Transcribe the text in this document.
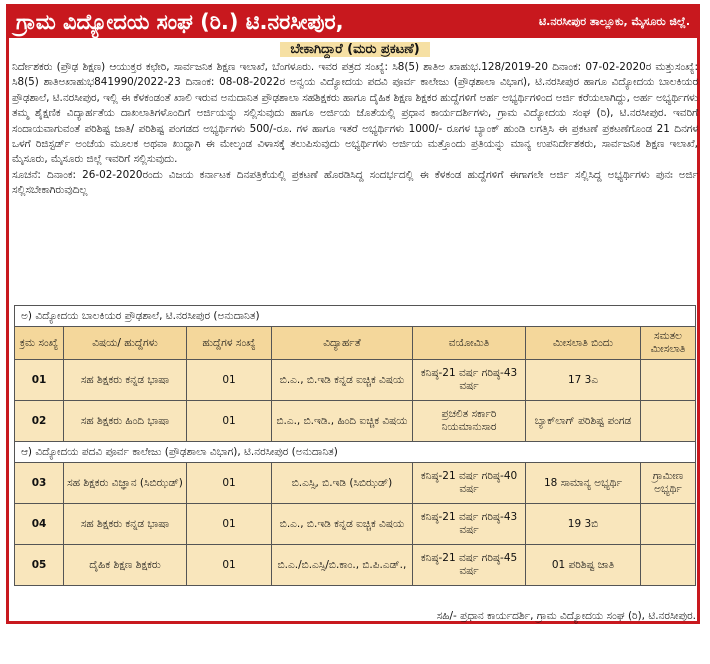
ಗ್ರಾಮ ವಿದ್ಯೋದಯ ಸಂಘ (ರಿ.) ಟಿ.ನರಸೀಪುರ,	ಟಿ.ನರಸೀಪುರ ತಾಲ್ಲೂಕು, ಮೈಸೂರು ಜಿಲ್ಲೆ.
ಬೇಕಾಗಿದ್ದಾರೆ (ಮರು ಪ್ರಕಟಣೆ)

ನಿರ್ದೇಶಕರು (ಪ್ರೌಢ ಶಿಕ್ಷಣ) ಆಯುಕ್ತರ ಕಛೇರಿ, ಸಾರ್ವಜನಿಕ ಶಿಕ್ಷಣ ಇಲಾಖೆ, ಬೆಂಗಳೂರು. ಇವರ ಪತ್ರದ ಸಂಖ್ಯೆ: ಸಿ8(5) ಶಾತಿಅ ಖಾಹುಭ.128/2019-20 ದಿನಾಂಕ: 07-02-2020ರ ಮತ್ತುಸಂಖ್ಯೆ: ಸಿ8(5) ಶಾತಿಅಖಾಹುಭ841990/2022-23 ದಿನಾಂಕ: 08-08-2022ರ ಅನ್ವಯ ವಿದ್ಯೋದಯ ಪದವಿ ಪೂರ್ವ ಕಾಲೇಜು (ಪ್ರೌಢಶಾಲಾ ವಿಭಾಗ), ಟಿ.ನರಸೀಪುರ ಹಾಗೂ ವಿದ್ಯೋದಯ ಬಾಲಕಿಯರ ಪ್ರೌಢಶಾಲೆ, ಟಿ.ನರಸೀಪುರ, ಇಲ್ಲಿ ಈ ಕೆಳಕಂಡಂತೆ ಖಾಲಿ ಇರುವ ಅನುದಾನಿತ ಪ್ರೌಢಶಾಲಾ ಸಹಶಿಕ್ಷಕರು ಹಾಗೂ ದೈಹಿಕ ಶಿಕ್ಷಣ ಶಿಕ್ಷಕರ ಹುದ್ದೆಗಳಿಗೆ ಅರ್ಹ ಅಭ್ಯರ್ಥಿಗಳಿಂದ ಅರ್ಜಿ ಕರೆಯಲಾಗಿದ್ದು, ಅರ್ಹ ಅಭ್ಯರ್ಥಿಗಳು ತಮ್ಮ ಶೈಕ್ಷಣಿಕ ವಿದ್ಯಾರ್ಹತೆಯ ದಾಖಲಾತಿಗಳೊಂದಿಗೆ ಅರ್ಜಿಯನ್ನು ಸಲ್ಲಿಸುವುದು ಹಾಗೂ ಅರ್ಜಿಯ ಜೊತೆಯಲ್ಲಿ ಪ್ರಧಾನ ಕಾರ್ಯದರ್ಶಿಗಳು, ಗ್ರಾಮ ವಿದ್ಯೋದಯ ಸಂಘ (ರಿ), ಟಿ.ನರಸೀಪುರ. ಇವರಿಗೆ ಸಂದಾಯವಾಗುವಂತೆ ಪರಿಶಿಷ್ಟ ಜಾತಿ/ ಪರಿಶಿಷ್ಟ ಪಂಗಡದ ಅಭ್ಯರ್ಥಿಗಳು 500/-ರೂ. ಗಳ ಹಾಗೂ ಇತರೆ ಅಭ್ಯರ್ಥಿಗಳು 1000/- ರೂಗಳ ಬ್ಯಾಂಕ್ ಹುಂಡಿ ಲಗತ್ತಿಸಿ ಈ ಪ್ರಕಟಣೆ ಪ್ರಕಟಣೆಗೊಂಡ 21 ದಿನಗಳ ಒಳಗೆ ರಿಜಿಸ್ಟರ್ಡ್ ಅಂಚೆಯ ಮೂಲಕ ಅಥವಾ ಖುದ್ದಾಗಿ ಈ ಮೇಲ್ಕಂಡ ವಿಳಾಸಕ್ಕೆ ತಲುಪಿಸುವುದು ಅಭ್ಯರ್ಥಿಗಳು ಅರ್ಜಿಯ ಮತ್ತೊಂದು ಪ್ರತಿಯನ್ನು ಮಾನ್ಯ ಉಪನಿರ್ದೇಶಕರು, ಸಾರ್ವಜನಿಕ ಶಿಕ್ಷಣ ಇಲಾಖೆ, ಮೈಸೂರು, ಮೈಸೂರು ಜಿಲ್ಲೆ ಇವರಿಗೆ ಸಲ್ಲಿಸುವುದು.

ಸೂಚನೆ: ದಿನಾಂಕ: 26-02-2020ರಂದು ವಿಜಯ ಕರ್ನಾಟಕ ದಿನಪತ್ರಿಕೆಯಲ್ಲಿ ಪ್ರಕಟಣೆ ಹೊರಡಿಸಿದ್ದ ಸಂದರ್ಭದಲ್ಲಿ ಈ ಕೆಳಕಂಡ ಹುದ್ದೆಗಳಿಗೆ ಈಗಾಗಲೇ ಅರ್ಜಿ ಸಲ್ಲಿಸಿದ್ದ ಅಭ್ಯರ್ಥಿಗಳು ಪುನಃ ಅರ್ಜಿ ಸಲ್ಲಿಸಬೇಕಾಗಿರುವುದಿಲ್ಲ

ಅ) ವಿದ್ಯೋದಯ ಬಾಲಕಿಯರ ಪ್ರೌಢಶಾಲೆ, ಟಿ.ನರಸೀಪುರ (ಅನುದಾನಿತ)						
ಕ್ರಮ ಸಂಖ್ಯೆ	ವಿಷಯ/ ಹುದ್ದೆಗಳು	ಹುದ್ದೆಗಳ ಸಂಖ್ಯೆ	ವಿದ್ಯಾರ್ಹತೆ	ವಯೋಮಿತಿ	ಮೀಸಲಾತಿ ಬಿಂದು	ಸಮತಲ ಮೀಸಲಾತಿ
01	ಸಹ ಶಿಕ್ಷಕರು ಕನ್ನಡ ಭಾಷಾ	01	ಬಿ.ಎ., ಬಿ.ಇಡಿ ಕನ್ನಡ ಐಚ್ಚಿಕ ವಿಷಯ	ಕನಿಷ್ಠ-21 ವರ್ಷ ಗರಿಷ್ಠ-43 ವರ್ಷ	17 3ಎ	
02	ಸಹ ಶಿಕ್ಷಕರು ಹಿಂದಿ ಭಾಷಾ	01	ಬಿ.ಎ., ಬಿ.ಇಡಿ., ಹಿಂದಿ ಐಚ್ಚಿಕ ವಿಷಯ	ಪ್ರಚಲಿತ ಸರ್ಕಾರಿ ನಿಯಮಾನುಸಾರ	ಬ್ಯಾಕ್‌ಲಾಗ್ ಪರಿಶಿಷ್ಟ ಪಂಗಡ	
ಆ) ವಿದ್ಯೋದಯ ಪದವಿ ಪೂರ್ವ ಕಾಲೇಜು (ಪ್ರೌಢಶಾಲಾ ವಿಭಾಗ), ಟಿ.ನರಸೀಪುರ (ಅನುದಾನಿತ)						
03	ಸಹ ಶಿಕ್ಷಕರು ವಿಜ್ಞಾನ (ಸಿಬಿಝಡ್)	01	ಬಿ.ಎಸ್ಸಿ, ಬಿ.ಇಡಿ (ಸಿಬಿಝಡ್)	ಕನಿಷ್ಠ-21 ವರ್ಷ ಗರಿಷ್ಠ-40 ವರ್ಷ	18 ಸಾಮಾನ್ಯ ಅಭ್ಯರ್ಥಿ	ಗ್ರಾಮೀಣ ಅಭ್ಯರ್ಥಿ
04	ಸಹ ಶಿಕ್ಷಕರು ಕನ್ನಡ ಭಾಷಾ	01	ಬಿ.ಎ., ಬಿ.ಇಡಿ ಕನ್ನಡ ಐಚ್ಚಿಕ ವಿಷಯ	ಕನಿಷ್ಠ-21 ವರ್ಷ ಗರಿಷ್ಠ-43 ವರ್ಷ	19 3ಬಿ	
05	ದೈಹಿಕ ಶಿಕ್ಷಣ ಶಿಕ್ಷಕರು	01	ಬಿ.ಎ./ಬಿ.ಎಸ್ಸಿ/ಬಿ.ಕಾಂ., ಬಿ.ಪಿ.ಎಡ್.,	ಕನಿಷ್ಠ-21 ವರ್ಷ ಗರಿಷ್ಠ-45 ವರ್ಷ	01 ಪರಿಶಿಷ್ಟ ಜಾತಿ	
ಸಹಿ/- ಪ್ರಧಾನ ಕಾರ್ಯದರ್ಶಿ, ಗ್ರಾಮ ವಿದ್ಯೋದಯ ಸಂಘ (ರಿ), ಟಿ.ನರಸೀಪುರ.
